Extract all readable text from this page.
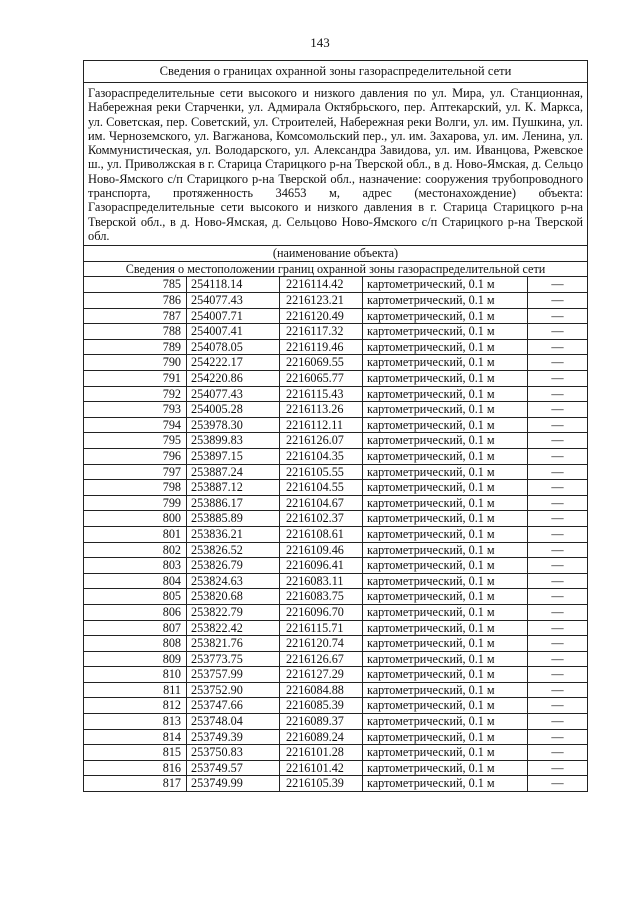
143
Сведения о границах охранной зоны газораспределительной сети				
Газораспределительные сети высокого и низкого давления по ул. Мира, ул. Станционная, Набережная реки Старченки, ул. Адмирала Октябрьского, пер. Аптекарский, ул. К. Маркса, ул. Советская, пер. Советский, ул. Строителей, Набережная реки Волги, ул. им. Пушкина, ул. им. Черноземского, ул. Вагжанова, Комсомольский пер., ул. им. Захарова, ул. им. Ленина, ул. Коммунистическая, ул. Володарского, ул. Александра Завидова, ул. им. Иванцова, Ржевское ш., ул. Приволжская в г. Старица Старицкого р-на Тверской обл., в д. Ново-Ямская, д. Сельцо Ново-Ямского с/п Старицкого р-на Тверской обл., назначение: сооружения трубопроводного транспорта, протяженность 34653 м, адрес (местонахождение) объекта: Газораспределительные сети высокого и низкого давления в г. Старица Старицкого р-на Тверской обл., в д. Ново-Ямская, д. Сельцово Ново-Ямского с/п Старицкого р-на Тверской обл.				
(наименование объекта)				
Сведения о местоположении границ охранной зоны газораспределительной сети				
785	254118.14	2216114.42	картометрический, 0.1 м	—
786	254077.43	2216123.21	картометрический, 0.1 м	—
787	254007.71	2216120.49	картометрический, 0.1 м	—
788	254007.41	2216117.32	картометрический, 0.1 м	—
789	254078.05	2216119.46	картометрический, 0.1 м	—
790	254222.17	2216069.55	картометрический, 0.1 м	—
791	254220.86	2216065.77	картометрический, 0.1 м	—
792	254077.43	2216115.43	картометрический, 0.1 м	—
793	254005.28	2216113.26	картометрический, 0.1 м	—
794	253978.30	2216112.11	картометрический, 0.1 м	—
795	253899.83	2216126.07	картометрический, 0.1 м	—
796	253897.15	2216104.35	картометрический, 0.1 м	—
797	253887.24	2216105.55	картометрический, 0.1 м	—
798	253887.12	2216104.55	картометрический, 0.1 м	—
799	253886.17	2216104.67	картометрический, 0.1 м	—
800	253885.89	2216102.37	картометрический, 0.1 м	—
801	253836.21	2216108.61	картометрический, 0.1 м	—
802	253826.52	2216109.46	картометрический, 0.1 м	—
803	253826.79	2216096.41	картометрический, 0.1 м	—
804	253824.63	2216083.11	картометрический, 0.1 м	—
805	253820.68	2216083.75	картометрический, 0.1 м	—
806	253822.79	2216096.70	картометрический, 0.1 м	—
807	253822.42	2216115.71	картометрический, 0.1 м	—
808	253821.76	2216120.74	картометрический, 0.1 м	—
809	253773.75	2216126.67	картометрический, 0.1 м	—
810	253757.99	2216127.29	картометрический, 0.1 м	—
811	253752.90	2216084.88	картометрический, 0.1 м	—
812	253747.66	2216085.39	картометрический, 0.1 м	—
813	253748.04	2216089.37	картометрический, 0.1 м	—
814	253749.39	2216089.24	картометрический, 0.1 м	—
815	253750.83	2216101.28	картометрический, 0.1 м	—
816	253749.57	2216101.42	картометрический, 0.1 м	—
817	253749.99	2216105.39	картометрический, 0.1 м	—
